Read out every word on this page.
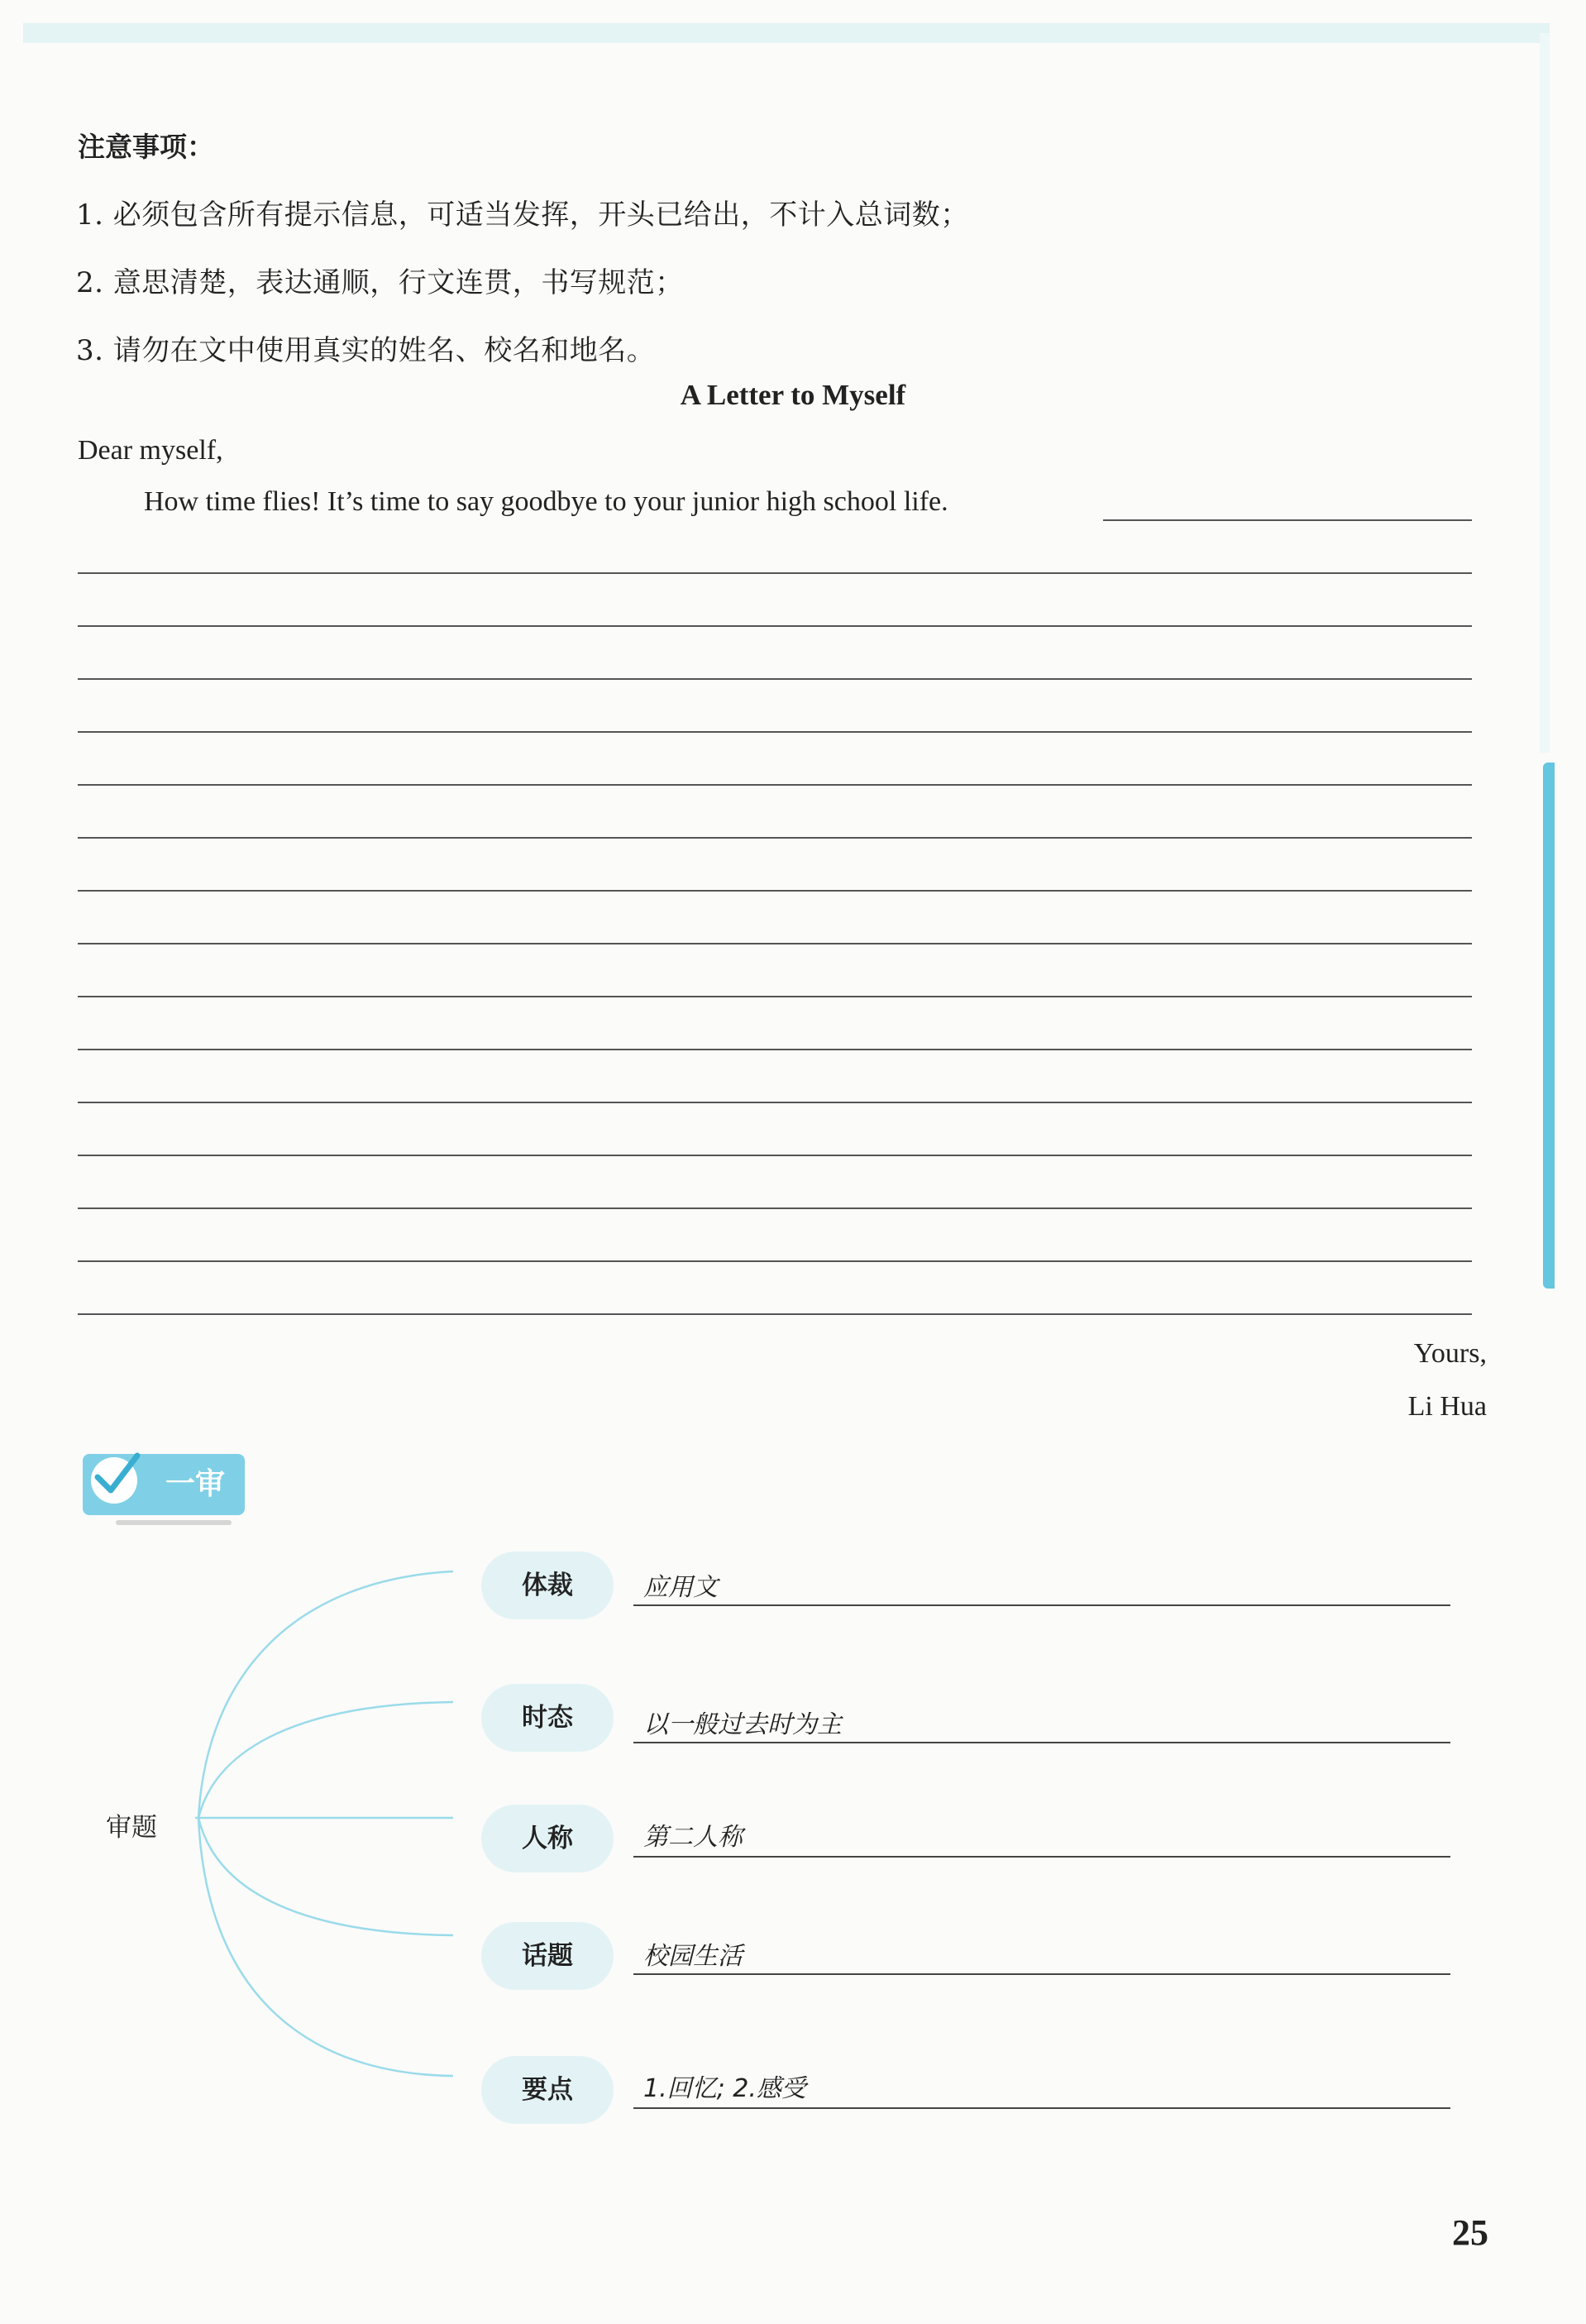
注意事项：
1. 必须包含所有提示信息，可适当发挥，开头已给出，不计入总词数；
2. 意思清楚，表达通顺，行文连贯，书写规范；
3. 请勿在文中使用真实的姓名、校名和地名。
A Letter to Myself
Dear myself,
How time flies! It’s time to say goodbye to your junior high school life.
Yours,
Li Hua
一审
审题
体裁	应用文
时态	以一般过去时为主
人称	第二人称
话题	校园生活
要点	1.回忆; 2.感受
25
